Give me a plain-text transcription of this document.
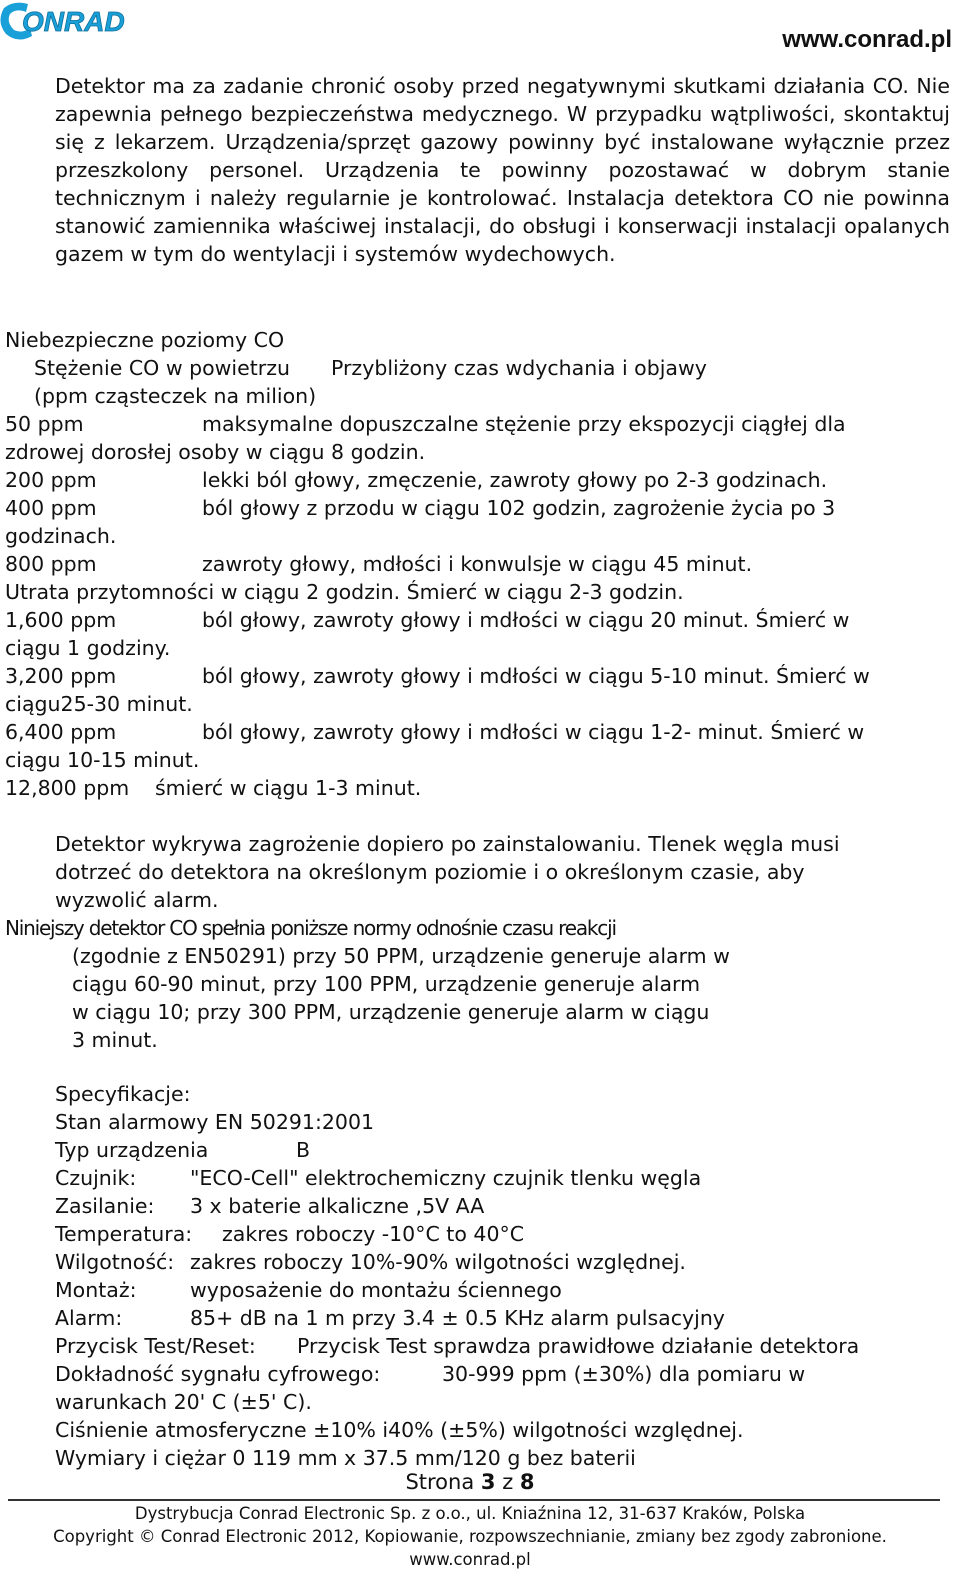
ONRAD
www.conrad.pl

Detektor ma za zadanie chronić osoby przed negatywnymi skutkami działania CO. Nie zapewnia pełnego bezpieczeństwa medycznego. W przypadku wątpliwości, skontaktuj się z lekarzem. Urządzenia/sprzęt gazowy powinny być instalowane wyłącznie przez przeszkolony personel. Urządzenia te powinny pozostawać w dobrym stanie technicznym i należy regularnie je kontrolować. Instalacja detektora CO nie powinna stanowić zamiennika właściwej instalacji, do obsługi i konserwacji instalacji opalanych gazem w tym do wentylacji i systemów wydechowych.

Niebezpieczne poziomy CO
Stężenie CO w powietrzu Przybliżony czas wdychania i objawy
(ppm cząsteczek na milion)
50 ppm	maksymalne dopuszczalne stężenie przy ekspozycji ciągłej dla
zdrowej dorosłej osoby w ciągu 8 godzin.
200 ppm	lekki ból głowy, zmęczenie, zawroty głowy po 2-3 godzinach.
400 ppm	ból głowy z przodu w ciągu 102 godzin, zagrożenie życia po 3
godzinach.
800 ppm	zawroty głowy, mdłości i konwulsje w ciągu 45 minut.
Utrata przytomności w ciągu 2 godzin. Śmierć w ciągu 2-3 godzin.
1,600 ppm	ból głowy, zawroty głowy i mdłości w ciągu 20 minut. Śmierć w
ciągu 1 godziny.
3,200 ppm	ból głowy, zawroty głowy i mdłości w ciągu 5-10 minut. Śmierć w
ciągu25-30 minut.
6,400 ppm	ból głowy, zawroty głowy i mdłości w ciągu 1-2- minut. Śmierć w
ciągu 10-15 minut.
12,800 ppm śmierć w ciągu 1-3 minut.
Detektor wykrywa zagrożenie dopiero po zainstalowaniu. Tlenek węgla musi
dotrzeć do detektora na określonym poziomie i o określonym czasie, aby
wyzwolić alarm.
Niniejszy detektor CO spełnia poniższe normy odnośnie czasu reakcji
(zgodnie z EN50291) przy 50 PPM, urządzenie generuje alarm w
ciągu 60-90 minut, przy 100 PPM, urządzenie generuje alarm
w ciągu 10; przy 300 PPM, urządzenie generuje alarm w ciągu
3 minut.
Specyfikacje:
Stan alarmowy EN 50291:2001
Typ urządzenia	B
Czujnik:	"ECO-Cell" elektrochemiczny czujnik tlenku węgla
Zasilanie: 3 x baterie alkaliczne ,5V AA
Temperatura: zakres roboczy -10°C to 40°C
Wilgotność: zakres roboczy 10%-90% wilgotności względnej.
Montaż:	wyposażenie do montażu ściennego
Alarm:	85+ dB na 1 m przy 3.4 ± 0.5 KHz alarm pulsacyjny
Przycisk Test/Reset: Przycisk Test sprawdza prawidłowe działanie detektora
Dokładność sygnału cyfrowego:	30-999 ppm (±30%) dla pomiaru w
warunkach 20' C (±5' C).
Ciśnienie atmosferyczne ±10% i40% (±5%) wilgotności względnej.
Wymiary i ciężar 0 119 mm x 37.5 mm/120 g bez baterii
Strona 3 z 8
Dystrybucja Conrad Electronic Sp. z o.o., ul. Kniaźnina 12, 31-637 Kraków, Polska
Copyright © Conrad Electronic 2012, Kopiowanie, rozpowszechnianie, zmiany bez zgody zabronione.
www.conrad.pl
